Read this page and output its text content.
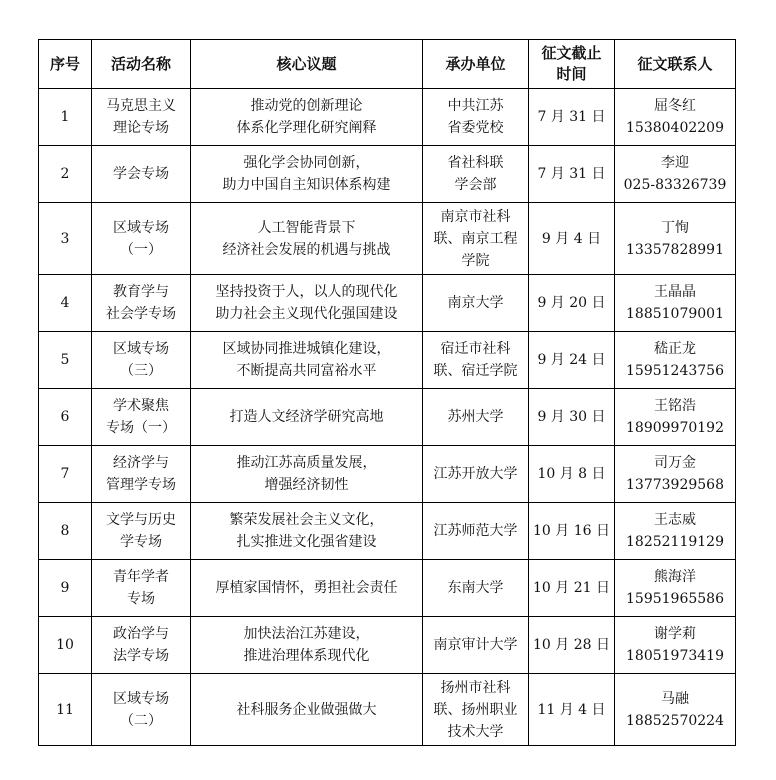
序号	活动名称	核心议题	承办单位	征文截止
时间	征文联系人
1	马克思主义
理论专场	推动党的创新理论
体系化学理化研究阐释	中共江苏
省委党校	7 月 31 日	屈冬红
15380402209
2	学会专场	强化学会协同创新，
助力中国自主知识体系构建	省社科联
学会部	7 月 31 日	李迎
025-83326739
3	区域专场
（一）	人工智能背景下
经济社会发展的机遇与挑战	南京市社科
联、南京工程
学院	9 月 4 日	丁恂
13357828991
4	教育学与
社会学专场	坚持投资于人，以人的现代化
助力社会主义现代化强国建设	南京大学	9 月 20 日	王晶晶
18851079001
5	区域专场
（三）	区域协同推进城镇化建设，
不断提高共同富裕水平	宿迁市社科
联、宿迁学院	9 月 24 日	嵇正龙
15951243756
6	学术聚焦
专场（一）	打造人文经济学研究高地	苏州大学	9 月 30 日	王铭浩
18909970192
7	经济学与
管理学专场	推动江苏高质量发展，
增强经济韧性	江苏开放大学	10 月 8 日	司万金
13773929568
8	文学与历史
学专场	繁荣发展社会主义文化，
扎实推进文化强省建设	江苏师范大学	10 月 16 日	王志威
18252119129
9	青年学者
专场	厚植家国情怀，勇担社会责任	东南大学	10 月 21 日	熊海洋
15951965586
10	政治学与
法学专场	加快法治江苏建设，
推进治理体系现代化	南京审计大学	10 月 28 日	谢学莉
18051973419
11	区域专场
（二）	社科服务企业做强做大	扬州市社科
联、扬州职业
技术大学	11 月 4 日	马融
18852570224
